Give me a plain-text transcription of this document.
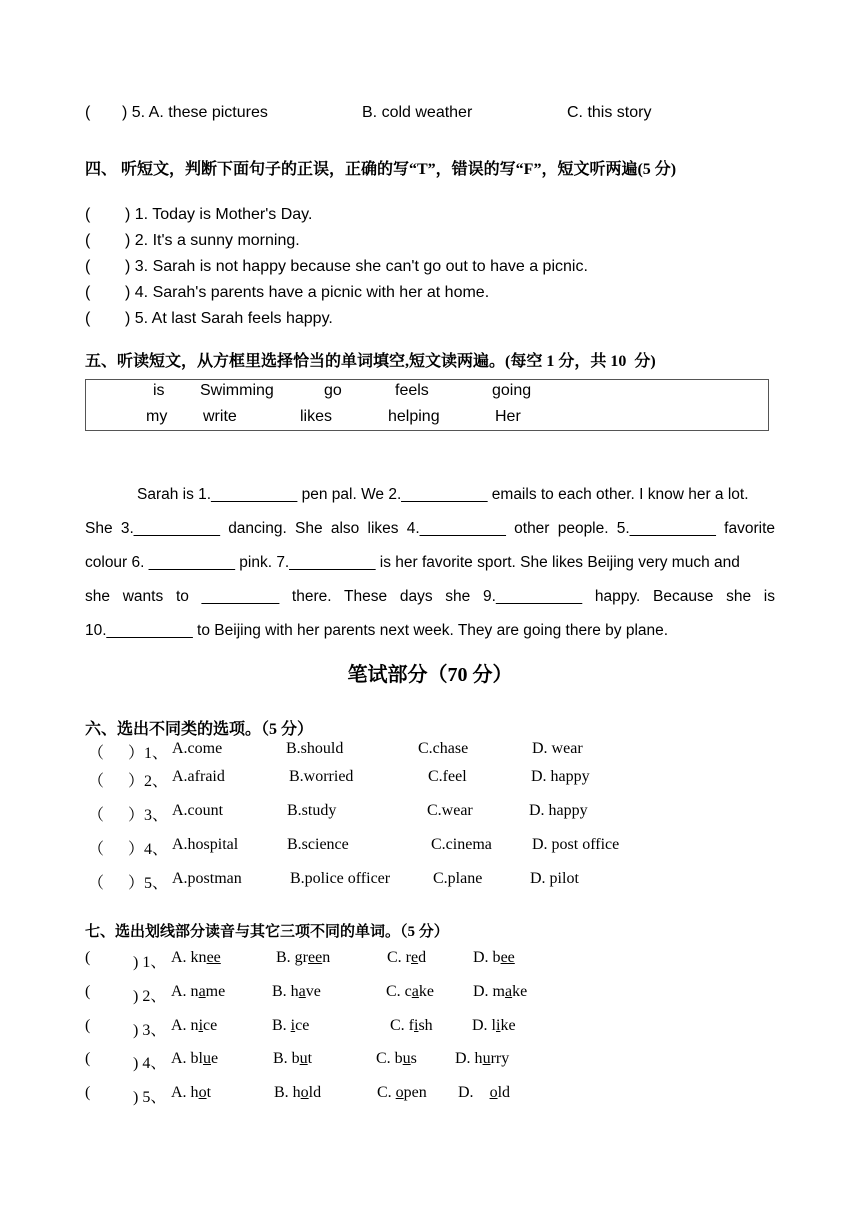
( ) 5. A. these pictures	B. cold weather	C. this story
四、 听短文，判断下面句子的正误，正确的写“T”，错误的写“F”，短文听两遍(5 分)
( ) 1. Today is Mother's Day.
( ) 2. It's a sunny morning.
( ) 3. Sarah is not happy because she can't go out to have a picnic.
( ) 4. Sarah's parents have a picnic with her at home.
( ) 5. At last Sarah feels happy.
五、听读短文，从方框里选择恰当的单词填空,短文读两遍。(每空 1 分，共 10  分)
is Swimming	go	feels	going
my write	likes	helping	Her
Sarah is 1.__________ pen pal. We 2.__________ emails to each other. I know her a lot.
She 3.__________ dancing. She also likes 4.__________ other people. 5.__________ favorite
colour 6. __________ pink. 7.__________ is her favorite sport. She likes Beijing very much and
she wants to _________ there. These days she 9.__________ happy. Because she is
10.__________ to Beijing with her parents next week. They are going there by plane.
笔试部分（70 分）
六、选出不同类的选项。（5 分）
（      ）1、 A.come	B.should	C.chase	D. wear
（      ）2、 A.afraid	B.worried	C.feel	D. happy
（      ）3、 A.count	B.study	C.wear	D. happy
（      ）4、 A.hospital	B.science	C.cinema	D. post office
（      ）5、 A.postman	B.police officer	C.plane	D. pilot
七、选出划线部分读音与其它三项不同的单词。（5 分）
(	) 1、 A. knee	B. green	C. red	D. bee
(	) 2、 A. name	B. have	C. cake D. make
(	) 3、 A. nice	B. ice	C. fish D. like
(	) 4、 A. blue	B. but	C. bus D. hurry
(	) 5、 A. hot	B. hold	C. open D.    old
